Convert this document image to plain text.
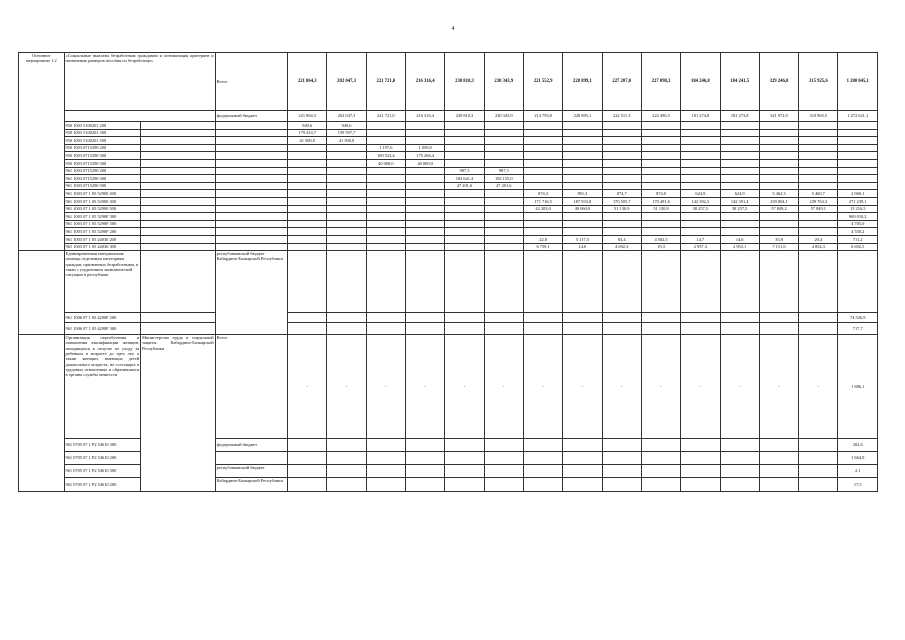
4
Основное мероприятие 1.2	«Социальные выплаты безработным гражданам и оптимизация критериев и назначения размеров пособия по безработице»		Всего	221 864,3	202 047,3	221 721,0	216 316,4	230 810,3	230 343,9	221 552,9	228 899,1	227 287,0	227 098,3	184 246,8	184 241,5	329 246,0	315 925,6	1 280 045,1
			федеральный бюджет	221 864,3	202 047,3	221 721,0	216 316,4	230 810,3	230 343,9	214 793,8	228 885,1	222 511,3	222 496,5	181 274,8	181 273,8	321 972,9	310 965,5	1 272 621,1
	950 1003 5100201 200			949,6	949,6													
	950 1003 5100201 300			179 414,7	159 597,7													
	950 1003 5100201 500			41 500,0	41 500,0													
	950 1003 0715290 200					1 197,6	1 050,0											
	950 1003 0715290 300					180 523,4	175 266,4											
	950 1003 0715290 500					40 000,0	40 000,0											
	961 1003 0715290 200							987,3	987,3									
	961 1003 0715290 300							182 621,4	182 155,0									
	961 1003 0715290 500							47 201,6	47 201,6									
	961 1003 07 1 05 52900 200									874,3	891,3	874,7	874,0	624,9	624,9	5 462,3	5 460,7	2 960,1
	961 1003 07 1 05 52900 300									171 716,5	187 933,8	170 505,7	170 491,6	142 392,3	142 391,4	239 804,1	239 763,3	271 239,1
	961 1003 07 1 05 52900 500									42 203,0	40 060,0	51 130,9	51 130,9	38 257,5	38 257,5	57 849,2	57 849,1	15 216,5
	961 1003 07 1 05 5290F 300																	969 010,2
	961 1003 07 1 05 5290F 500																	4 705,0
	961 1003 07 1 05 5290F 200																	4 530,2
	961 1003 07 1 05 24030 200									22,8	5 117,5	83,4	4 582,5	14,7	14,6	35,8	20,4	711,2
	961 1003 07 1 05 24030 300									6 759,1	14,0	4 692,3	19,3	2 957,3	2 953,1	7 151,6	4 854,3	6 692,5
	Единовременная материальная помощь отдельным категориям граждан, признанных безработными, в связи с ухудшением экономической ситуации в республике		республиканский бюджет Кабардино-Балкарской Республики															
	961 1006 07 1 05 4290F 200																	74 526,9
	961 1006 07 1 05 4290F 300																	717,7
	Организация переобучения и повышения квалификации женщин, находящихся в отпуске по уходу за ребенком в возрасте до трех лет, а также женщин, имеющих детей дошкольного возраста, не состоящих в трудовых отношениях и обратившихся в органы службы занятости	Министерство труда и социальной защиты Кабардино-Балкарской Республики	Всего	-	-	-	-	-	-	-	-	-	-	-	-	-	-	1 886,1
	961 0705 07 1 P2 54610 300		федеральный бюджет															202,6
	961 0705 07 1 P2 54610 200																	1 664,0
	961 0705 07 1 P2 54610 300		республиканский бюджет															2,1
	961 0705 07 1 P2 54610 200		Кабардино-Балкарской Республики															17,5
